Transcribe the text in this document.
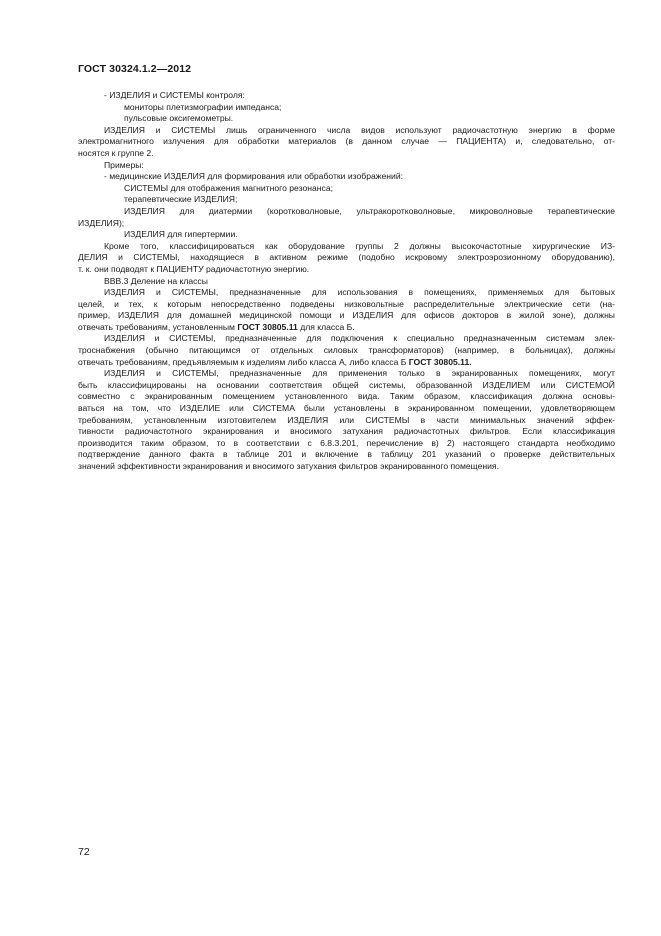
ГОСТ 30324.1.2—2012
- ИЗДЕЛИЯ и СИСТЕМЫ контроля:
мониторы плетизмографии импеданса;
пульсовые оксигемометры.
ИЗДЕЛИЯ и СИСТЕМЫ лишь ограниченного числа видов используют радиочастотную энергию в форме
электромагнитного излучения для обработки материалов (в данном случае — ПАЦИЕНТА) и, следовательно, от-
носятся к группе 2.
Примеры:
- медицинские ИЗДЕЛИЯ для формирования или обработки изображений:
СИСТЕМЫ для отображения магнитного резонанса;
терапевтические ИЗДЕЛИЯ;
ИЗДЕЛИЯ для диатермии (коротковолновые, ультракоротковолновые, микроволновые терапевтические
ИЗДЕЛИЯ);
ИЗДЕЛИЯ для гипертермии.
Кроме того, классифицироваться как оборудование группы 2 должны высокочастотные хирургические ИЗ-
ДЕЛИЯ и СИСТЕМЫ, находящиеся в активном режиме (подобно искровому электроэрозионному оборудованию),
т. к. они подводят к ПАЦИЕНТУ радиочастотную энергию.
ВВВ.3 Деление на классы
ИЗДЕЛИЯ и СИСТЕМЫ, предназначенные для использования в помещениях, применяемых для бытовых
целей, и тех, к которым непосредственно подведены низковольтные распределительные электрические сети (на-
пример, ИЗДЕЛИЯ для домашней медицинской помощи и ИЗДЕЛИЯ для офисов докторов в жилой зоне), должны
отвечать требованиям, установленным ГОСТ 30805.11 для класса Б.
ИЗДЕЛИЯ и СИСТЕМЫ, предназначенные для подключения к специально предназначенным системам элек-
троснабжения (обычно питающимся от отдельных силовых трансформаторов) (например, в больницах), должны
отвечать требованиям, предъявляемым к изделиям либо класса А, либо класса Б ГОСТ 30805.11.
ИЗДЕЛИЯ и СИСТЕМЫ, предназначенные для применения только в экранированных помещениях, могут
быть классифицированы на основании соответствия общей системы, образованной ИЗДЕЛИЕМ или СИСТЕМОЙ
совместно с экранированным помещением установленного вида. Таким образом, классификация должна основы-
ваться на том, что ИЗДЕЛИЕ или СИСТЕМА были установлены в экранированном помещении, удовлетворяющем
требованиям, установленным изготовителем ИЗДЕЛИЯ или СИСТЕМЫ в части минимальных значений эффек-
тивности радиочастотного экранирования и вносимого затухания радиочастотных фильтров. Если классификация
производится таким образом, то в соответствии с 6.8.3.201, перечисление в) 2) настоящего стандарта необходимо
подтверждение данного факта в таблице 201 и включение в таблицу 201 указаний о проверке действительных
значений эффективности экранирования и вносимого затухания фильтров экранированного помещения.
72
